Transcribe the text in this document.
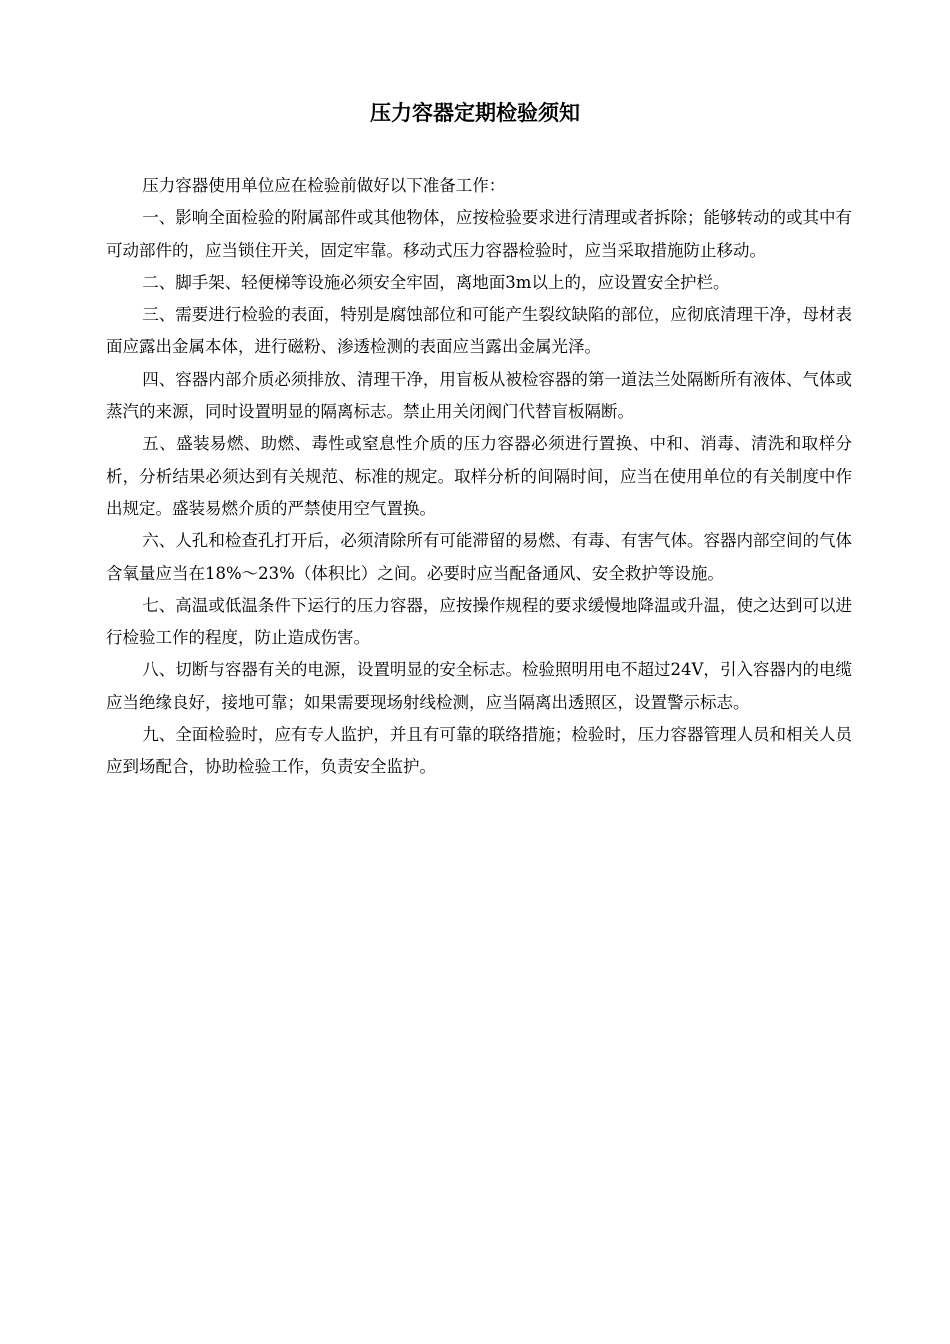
压力容器定期检验须知

压力容器使用单位应在检验前做好以下准备工作：

一、影响全面检验的附属部件或其他物体，应按检验要求进行清理或者拆除；能够转动的或其中有可动部件的，应当锁住开关，固定牢靠。移动式压力容器检验时，应当采取措施防止移动。

二、脚手架、轻便梯等设施必须安全牢固，离地面3m以上的，应设置安全护栏。

三、需要进行检验的表面，特别是腐蚀部位和可能产生裂纹缺陷的部位，应彻底清理干净，母材表面应露出金属本体，进行磁粉、渗透检测的表面应当露出金属光泽。

四、容器内部介质必须排放、清理干净，用盲板从被检容器的第一道法兰处隔断所有液体、气体或蒸汽的来源，同时设置明显的隔离标志。禁止用关闭阀门代替盲板隔断。

五、盛装易燃、助燃、毒性或窒息性介质的压力容器必须进行置换、中和、消毒、清洗和取样分析，分析结果必须达到有关规范、标准的规定。取样分析的间隔时间，应当在使用单位的有关制度中作出规定。盛装易燃介质的严禁使用空气置换。

六、人孔和检查孔打开后，必须清除所有可能滞留的易燃、有毒、有害气体。容器内部空间的气体含氧量应当在18%～23%（体积比）之间。必要时应当配备通风、安全救护等设施。

七、高温或低温条件下运行的压力容器，应按操作规程的要求缓慢地降温或升温，使之达到可以进行检验工作的程度，防止造成伤害。

八、切断与容器有关的电源，设置明显的安全标志。检验照明用电不超过24V，引入容器内的电缆应当绝缘良好，接地可靠；如果需要现场射线检测，应当隔离出透照区，设置警示标志。

九、全面检验时，应有专人监护，并且有可靠的联络措施；检验时，压力容器管理人员和相关人员应到场配合，协助检验工作，负责安全监护。
